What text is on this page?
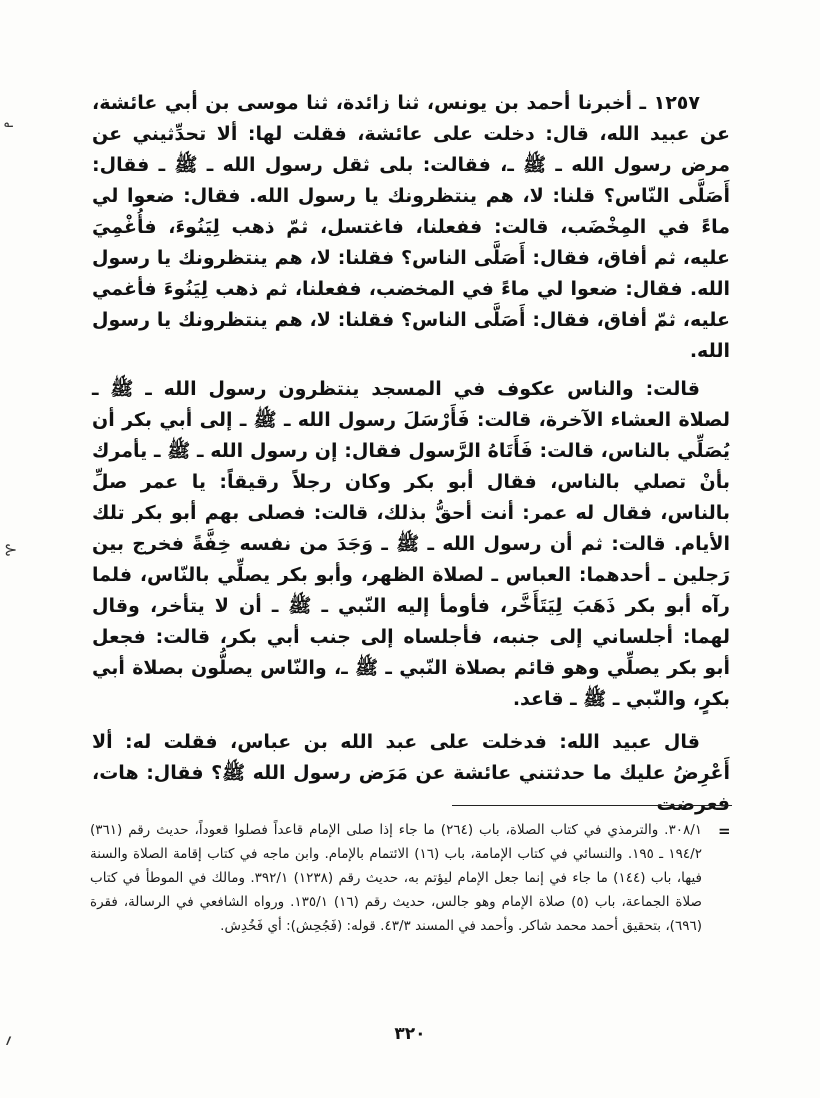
؎
⊱
؍

١٢٥٧ ـ أخبرنا أحمد بن يونس، ثنا زائدة، ثنا موسى بن أبي عائشة، عن عبيد الله، قال: دخلت على عائشة، فقلت لها: ألا تحدِّثيني عن مرض رسول الله ـ ﷺ ـ، فقالت: بلى ثقل رسول الله ـ ﷺ ـ فقال: أَصَلَّى النّاس؟ قلنا: لا، هم ينتظرونك يا رسول الله. فقال: ضعوا لي ماءً في المِخْضَب، قالت: ففعلنا، فاغتسل، ثمّ ذهب لِيَنُوءَ، فأُغْمِيَ عليه، ثم أفاق، فقال: أَصَلَّى الناس؟ فقلنا: لا، هم ينتظرونك يا رسول الله. فقال: ضعوا لي ماءً في المخضب، ففعلنا، ثم ذهب لِيَنُوءَ فأغمي عليه، ثمّ أفاق، فقال: أَصَلَّى الناس؟ فقلنا: لا، هم ينتظرونك يا رسول الله.

قالت: والناس عكوف في المسجد ينتظرون رسول الله ـ ﷺ ـ لصلاة العشاء الآخرة، قالت: فَأَرْسَلَ رسول الله ـ ﷺ ـ إلى أبي بكر أن يُصَلِّي بالناس، قالت: فَأَتَاهُ الرَّسول فقال: إن رسول الله ـ ﷺ ـ يأمرك بأنْ تصلي بالناس، فقال أبو بكر وكان رجلاً رقيقاً: يا عمر صلِّ بالناس، فقال له عمر: أنت أحقُّ بذلك، قالت: فصلى بهم أبو بكر تلك الأيام. قالت: ثم أن رسول الله ـ ﷺ ـ وَجَدَ من نفسه خِفَّةً فخرج بين رَجلين ـ أحدهما: العباس ـ لصلاة الظهر، وأبو بكر يصلِّي بالنّاس، فلما رآه أبو بكر ذَهَبَ لِيَتَأَخَّر، فأومأ إليه النّبي ـ ﷺ ـ أن لا يتأخر، وقال لهما: أجلساني إلى جنبه، فأجلساه إلى جنب أبي بكر، قالت: فجعل أبو بكر يصلِّي وهو قائم بصلاة النّبي ـ ﷺ ـ، والنّاس يصلُّون بصلاة أبي بكرٍ، والنّبي ـ ﷺ ـ قاعد.

قال عبيد الله: فدخلت على عبد الله بن عباس، فقلت له: ألا أَعْرِضُ عليك ما حدثتني عائشة عن مَرَض رسول الله ﷺ؟ فقال: هات، فعرضت

=
٣٠٨/١. والترمذي في كتاب الصلاة، باب (٢٦٤) ما جاء إذا صلى الإمام قاعداً فصلوا قعوداً، حديث رقم (٣٦١) ١٩٤/٢ ـ ١٩٥. والنسائي في كتاب الإمامة، باب (١٦) الائتمام بالإمام. وابن ماجه في كتاب إقامة الصلاة والسنة فيها، باب (١٤٤) ما جاء في إنما جعل الإمام ليؤتم به، حديث رقم (١٢٣٨) ٣٩٢/١. ومالك في الموطأ في كتاب صلاة الجماعة، باب (٥) صلاة الإمام وهو جالس، حديث رقم (١٦) ١٣٥/١. ورواه الشافعي في الرسالة، فقرة (٦٩٦)، بتحقيق أحمد محمد شاكر. وأحمد في المسند ٤٣/٣. قوله: (فَجُحِش): أي فَخُدِش.
٣٢٠
